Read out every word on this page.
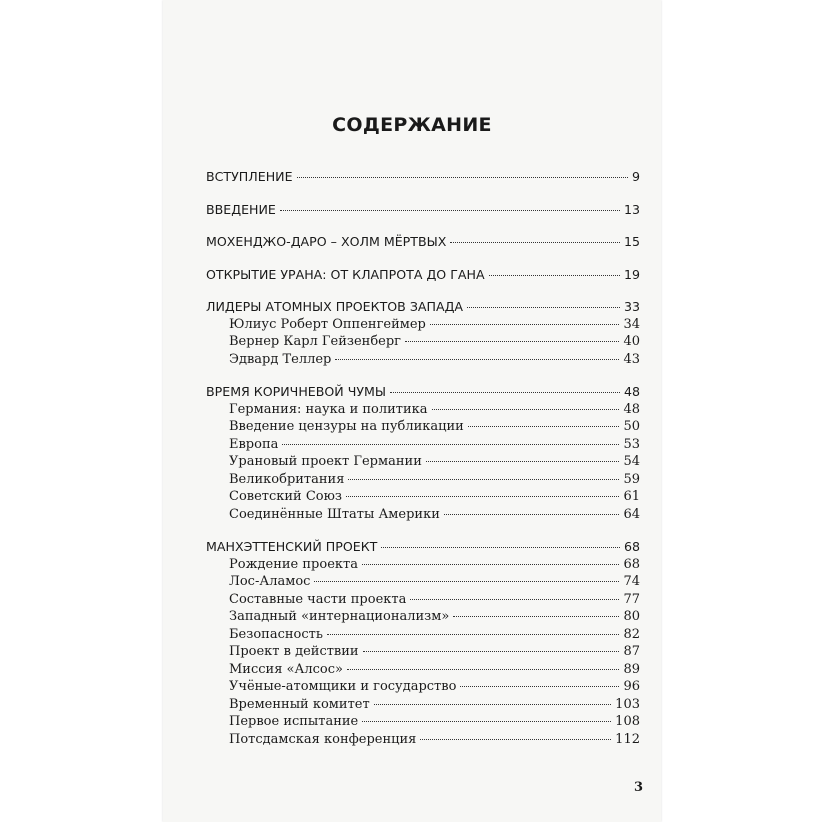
СОДЕРЖАНИЕ
ВСТУПЛЕНИЕ	9
ВВЕДЕНИЕ	13
МОХЕНДЖО-ДАРО – ХОЛМ МЁРТВЫХ	15
ОТКРЫТИЕ УРАНА: ОТ КЛАПРОТА ДО ГАНА	19
ЛИДЕРЫ АТОМНЫХ ПРОЕКТОВ ЗАПАДА	33
Юлиус Роберт Оппенгеймер	34
Вернер Карл Гейзенберг	40
Эдвард Теллер	43
ВРЕМЯ КОРИЧНЕВОЙ ЧУМЫ	48
Германия: наука и политика	48
Введение цензуры на публикации	50
Европа	53
Урановый проект Германии	54
Великобритания	59
Советский Союз	61
Соединённые Штаты Америки	64
МАНХЭТТЕНСКИЙ ПРОЕКТ	68
Рождение проекта	68
Лос-Аламос	74
Составные части проекта	77
Западный «интернационализм»	80
Безопасность	82
Проект в действии	87
Миссия «Алсос»	89
Учёные-атомщики и государство	96
Временный комитет	103
Первое испытание	108
Потсдамская конференция	112
3
